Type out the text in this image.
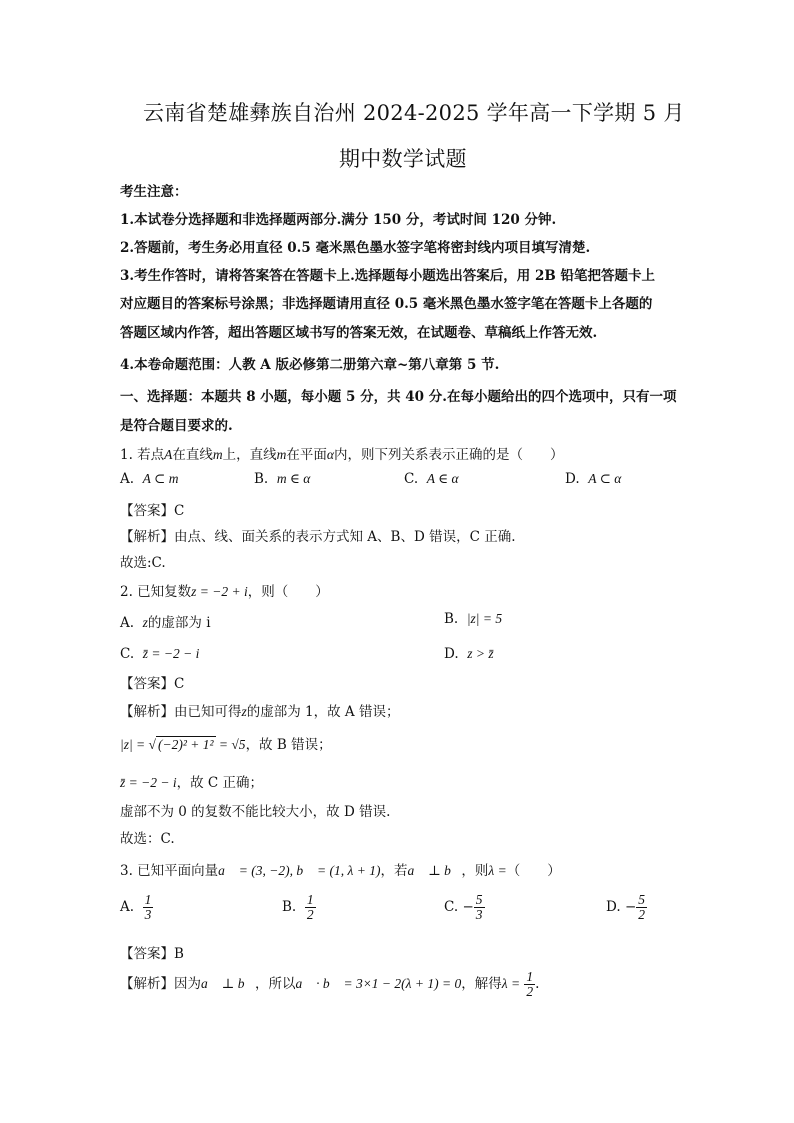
云南省楚雄彝族自治州 2024-2025 学年高一下学期 5 月
期中数学试题
考生注意：
1.本试卷分选择题和非选择题两部分.满分 150 分，考试时间 120 分钟.
2.答题前，考生务必用直径 0.5 毫米黑色墨水签字笔将密封线内项目填写清楚.
3.考生作答时，请将答案答在答题卡上.选择题每小题选出答案后，用 2B 铅笔把答题卡上
对应题目的答案标号涂黑；非选择题请用直径 0.5 毫米黑色墨水签字笔在答题卡上各题的
答题区域内作答，超出答题区域书写的答案无效，在试题卷、草稿纸上作答无效.
4.本卷命题范围：人教 A 版必修第二册第六章~第八章第 5 节.
一、选择题：本题共 8 小题，每小题 5 分，共 40 分.在每小题给出的四个选项中，只有一项
是符合题目要求的.
1. 若点A在直线m上，直线m在平面α内，则下列关系表示正确的是（　　）
A. A ⊂ m	B. m ∈ α	C. A ∈ α	D. A ⊂ α
【答案】C
【解析】由点、线、面关系的表示方式知 A、B、D 错误，C 正确.
故选:C.
2. 已知复数z = −2 + i，则（　　）
A. z的虚部为 i	B. |z| = 5
C. z̄ = −2 − i	D. z > z̄
【答案】C
【解析】由已知可得z的虚部为 1，故 A 错误；
|z| = √ (−2)² + 1² = √5，故 B 错误；
z̄ = −2 − i，故 C 正确；
虚部不为 0 的复数不能比较大小，故 D 错误.
故选：C.
3. 已知平面向量a⃗ = (3, −2), b⃗ = (1, λ + 1)，若a⃗ ⊥ b⃗，则λ =（　　）
A. $\frac{1}{3}$	B. $\frac{1}{2}$	C. − $\frac{5}{3}$	D. − $\frac{5}{2}$
【答案】B
【解析】因为a⃗ ⊥ b⃗，所以a⃗ · b⃗ = 3×1 − 2(λ + 1) = 0，解得$\lambda = \frac{1}{2}$ .
